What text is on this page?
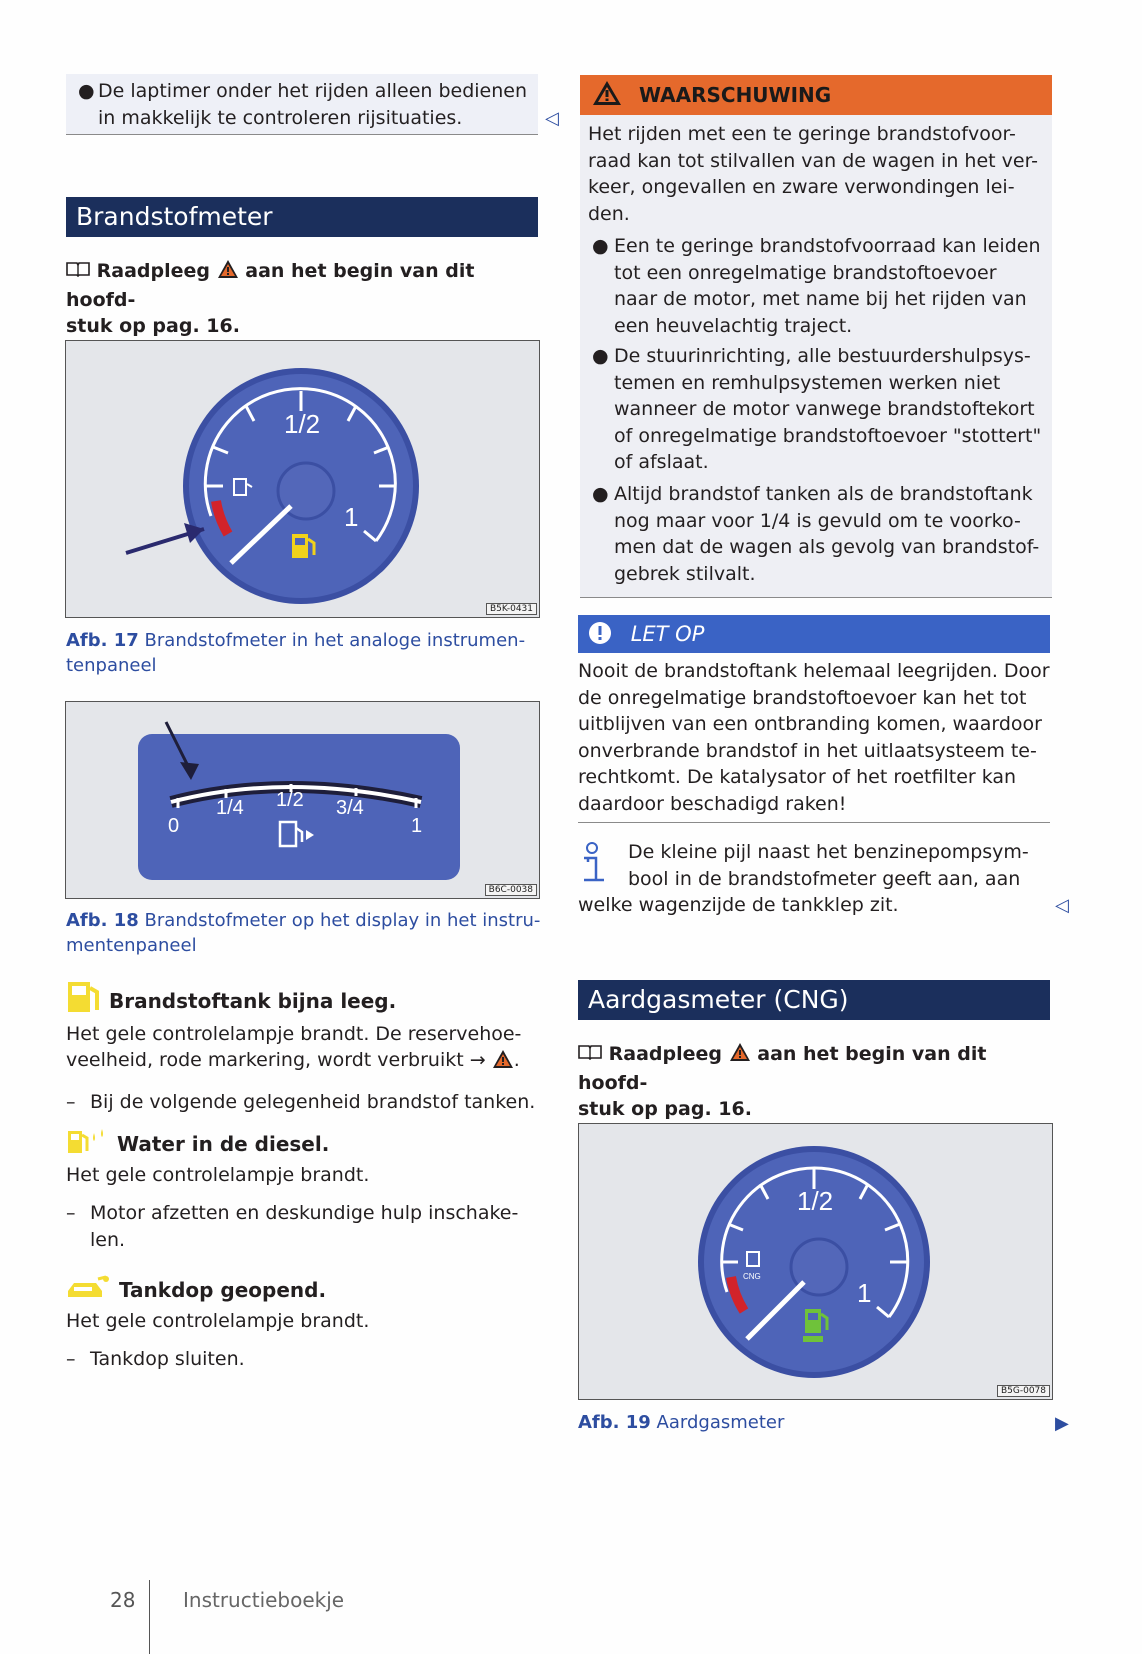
● De laptimer onder het rijden alleen bedienen
in makkelijk te controleren rijsituaties.	◁
Brandstofmeter
Raadpleeg aan het begin van dit hoofd-
stuk op pag. 16.
1/2
1
B5K-0431
Afb. 17 Brandstofmeter in het analoge instrumen-
tenpaneel
0
1/4 1/2 3/4
1
B6C-0038
Afb. 18 Brandstofmeter op het display in het instru-
mentenpaneel
Brandstoftank bijna leeg.
Het gele controlelampje brandt. De reservehoe-
veelheid, rode markering, wordt verbruikt → .
– Bij de volgende gelegenheid brandstof tanken.
Water in de diesel.
Het gele controlelampje brandt.
– Motor afzetten en deskundige hulp inschake-
len.
Tankdop geopend.
Het gele controlelampje brandt.
– Tankdop sluiten.
WAARSCHUWING
Het rijden met een te geringe brandstofvoor-
raad kan tot stilvallen van de wagen in het ver-
keer, ongevallen en zware verwondingen lei-
den.
● Een te geringe brandstofvoorraad kan leiden
tot een onregelmatige brandstoftoevoer
naar de motor, met name bij het rijden van
een heuvelachtig traject.
● De stuurinrichting, alle bestuurdershulpsys-
temen en remhulpsystemen werken niet
wanneer de motor vanwege brandstoftekort
of onregelmatige brandstoftoevoer "stottert"
of afslaat.
● Altijd brandstof tanken als de brandstoftank
nog maar voor 1/4 is gevuld om te voorko-
men dat de wagen als gevolg van brandstof-
gebrek stilvalt.
LET OP
Nooit de brandstoftank helemaal leegrijden. Door
de onregelmatige brandstoftoevoer kan het tot
uitblijven van een ontbranding komen, waardoor
onverbrande brandstof in het uitlaatsysteem te-
rechtkomt. De katalysator of het roetfilter kan
daardoor beschadigd raken!
De kleine pijl naast het benzinepompsym-
bool in de brandstofmeter geeft aan, aan
welke wagenzijde de tankklep zit.	◁
Aardgasmeter (CNG)
Raadpleeg aan het begin van dit hoofd-
stuk op pag. 16.
1/2
1
CNG
B5G-0078
Afb. 19 Aardgasmeter	▶
28 Instructieboekje
